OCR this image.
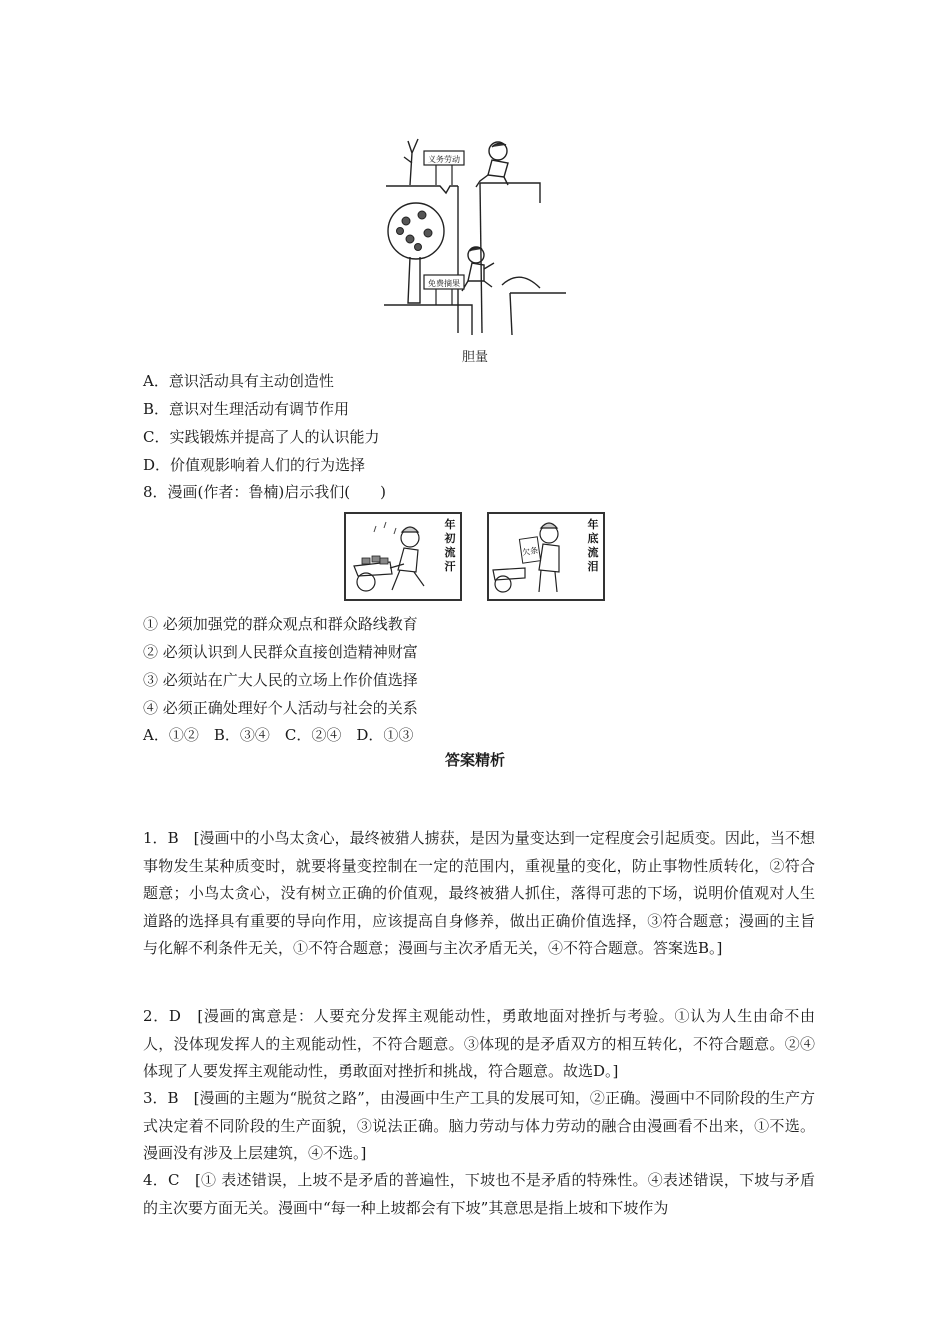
义务劳动
免费摘果
胆量
A．意识活动具有主动创造性
B．意识对生理活动有调节作用
C．实践锻炼并提高了人的认识能力
D．价值观影响着人们的行为选择
8．漫画(作者：鲁楠)启示我们(　　)
年
初
流
汗
欠条
年
底
流
泪
① 必须加强党的群众观点和群众路线教育
② 必须认识到人民群众直接创造精神财富
③ 必须站在广大人民的立场上作价值选择
④ 必须正确处理好个人活动与社会的关系
A．①②　B．③④　C．②④　D．①③
答案精析
1．B　[漫画中的小鸟太贪心，最终被猎人掳获，是因为量变达到一定程度会引起质变。因此，当不想事物发生某种质变时，就要将量变控制在一定的范围内，重视量的变化，防止事物性质转化，②符合题意；小鸟太贪心，没有树立正确的价值观，最终被猎人抓住，落得可悲的下场，说明价值观对人生道路的选择具有重要的导向作用，应该提高自身修养，做出正确价值选择，③符合题意；漫画的主旨与化解不利条件无关，①不符合题意；漫画与主次矛盾无关，④不符合题意。答案选B。]
2．D　[漫画的寓意是：人要充分发挥主观能动性，勇敢地面对挫折与考验。①认为人生由命不由人，没体现发挥人的主观能动性，不符合题意。③体现的是矛盾双方的相互转化，不符合题意。②④体现了人要发挥主观能动性，勇敢面对挫折和挑战，符合题意。故选D。]
3．B　[漫画的主题为“脱贫之路”，由漫画中生产工具的发展可知，②正确。漫画中不同阶段的生产方式决定着不同阶段的生产面貌，③说法正确。脑力劳动与体力劳动的融合由漫画看不出来，①不选。漫画没有涉及上层建筑，④不选。]
4．C　[① 表述错误，上坡不是矛盾的普遍性，下坡也不是矛盾的特殊性。④表述错误，下坡与矛盾的主次要方面无关。漫画中“每一种上坡都会有下坡”其意思是指上坡和下坡作为
